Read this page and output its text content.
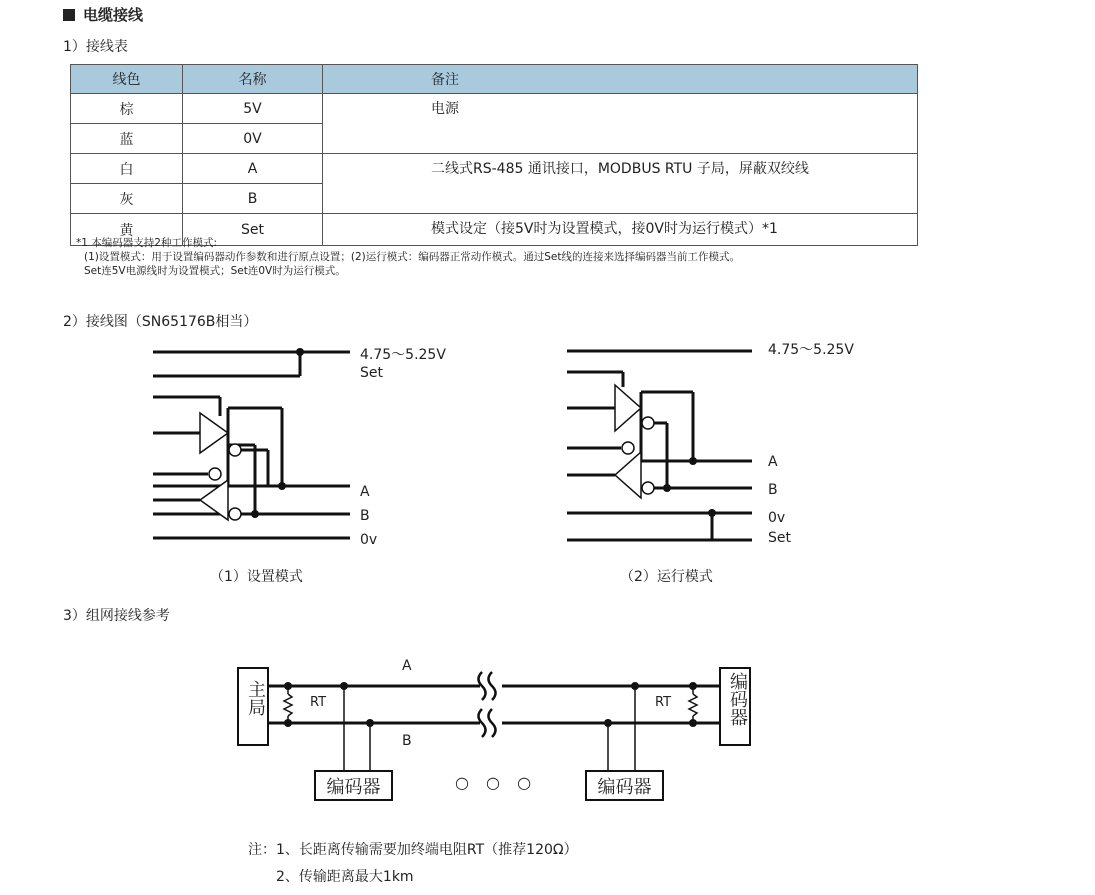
电缆接线
1）接线表
线色	名称	备注
棕	5V	电源
蓝	0V	
白	A	二线式RS-485 通讯接口，MODBUS RTU 子局，屏蔽双绞线
灰	B	
黄	Set	模式设定（接5V时为设置模式，接0V时为运行模式）*1
*1 本编码器支持2种工作模式:
(1)设置模式：用于设置编码器动作参数和进行原点设置；(2)运行模式：编码器正常动作模式。通过Set线的连接来选择编码器当前工作模式。
Set连5V电源线时为设置模式；Set连0V时为运行模式。
2）接线图（SN65176B相当）
4.75～5.25V
Set
A
B
0v
（1）设置模式
4.75～5.25V
A
B
0v
Set
（2）运行模式
3）组网接线参考
主局	编码器
编码器	编码器
A
B
RT	RT
○ ○ ○
注：1、长距离传输需要加终端电阻RT（推荐120Ω）
2、传输距离最大1km
